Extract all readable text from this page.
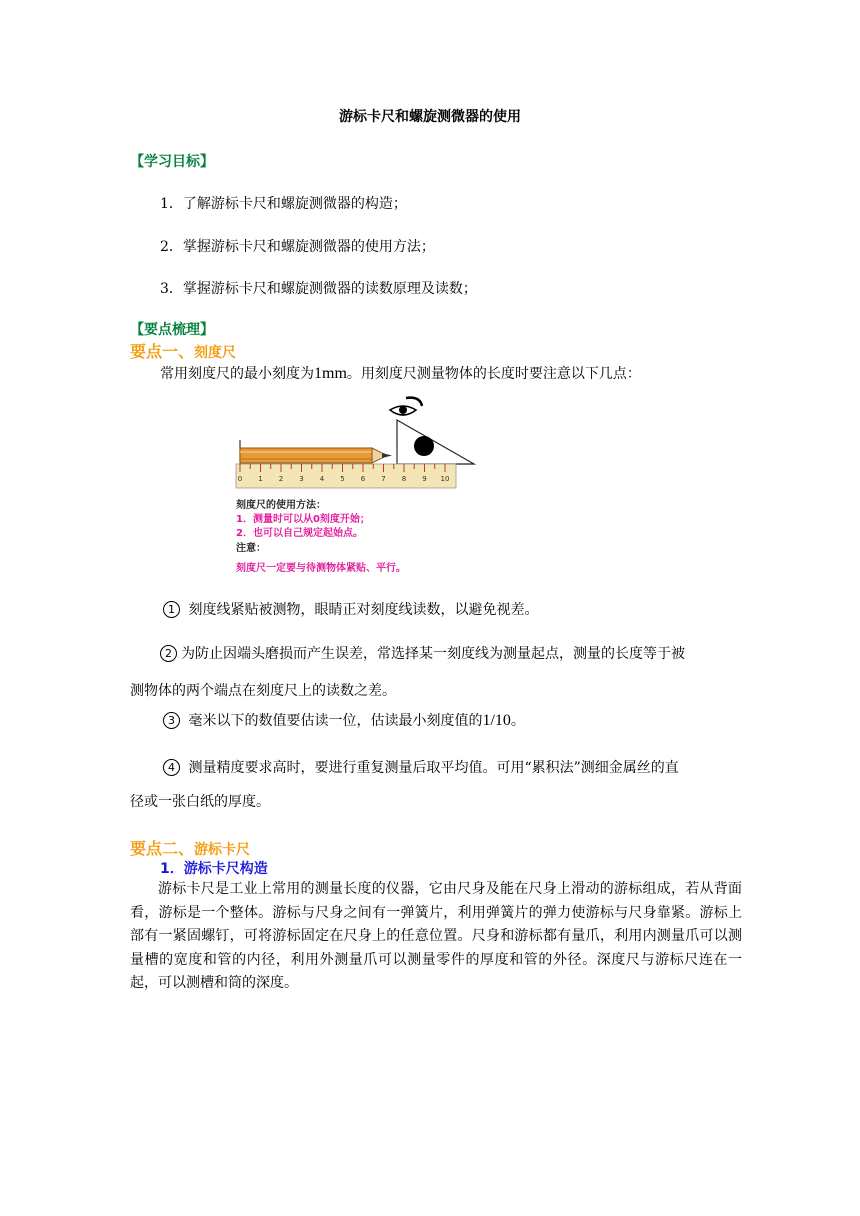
游标卡尺和螺旋测微器的使用
【学习目标】
1．了解游标卡尺和螺旋测微器的构造；
2．掌握游标卡尺和螺旋测微器的使用方法；
3．掌握游标卡尺和螺旋测微器的读数原理及读数；
【要点梳理】
要点一、刻度尺
常用刻度尺的最小刻度为1mm。用刻度尺测量物体的长度时要注意以下几点：
0 1 2 3 4 5 6 7 8 9 10
刻度尺的使用方法：
1．测量时可以从0刻度开始；
2．也可以自己规定起始点。
注意：
刻度尺一定要与待测物体紧贴、平行。
1 刻度线紧贴被测物，眼睛正对刻度线读数，以避免视差。
2 为防止因端头磨损而产生误差，常选择某一刻度线为测量起点，测量的长度等于被
测物体的两个端点在刻度尺上的读数之差。
3 毫米以下的数值要估读一位，估读最小刻度值的1/10。
4 测量精度要求高时，要进行重复测量后取平均值。可用“累积法”测细金属丝的直
径或一张白纸的厚度。
要点二、游标卡尺
1．游标卡尺构造
游标卡尺是工业上常用的测量长度的仪器，它由尺身及能在尺身上滑动的游标组成，若从背面看，游标是一个整体。游标与尺身之间有一弹簧片，利用弹簧片的弹力使游标与尺身靠紧。游标上部有一紧固螺钉，可将游标固定在尺身上的任意位置。尺身和游标都有量爪，利用内测量爪可以测量槽的宽度和管的内径，利用外测量爪可以测量零件的厚度和管的外径。深度尺与游标尺连在一起，可以测槽和筒的深度。
